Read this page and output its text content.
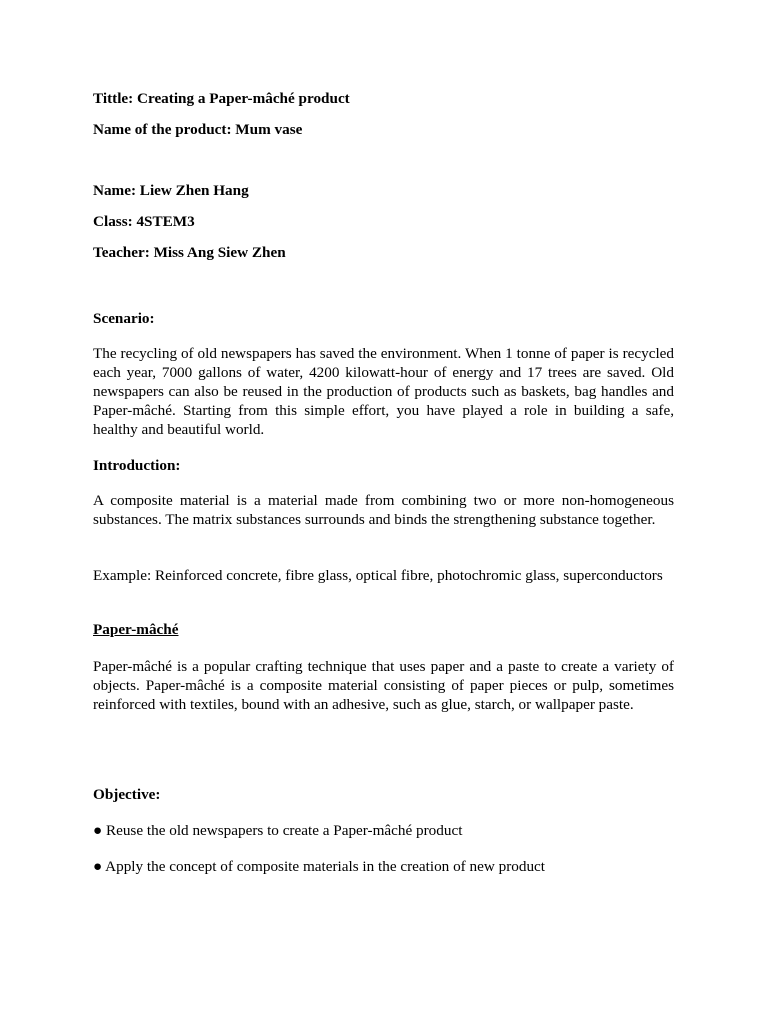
Tittle: Creating a Paper-mâché product

Name of the product: Mum vase

Name: Liew Zhen Hang

Class: 4STEM3

Teacher: Miss Ang Siew Zhen

Scenario:

The recycling of old newspapers has saved the environment. When 1 tonne of paper is recycled each year, 7000 gallons of water, 4200 kilowatt-hour of energy and 17 trees are saved. Old newspapers can also be reused in the production of products such as baskets, bag handles and Paper-mâché. Starting from this simple effort, you have played a role in building a safe, healthy and beautiful world.

Introduction:

A composite material is a material made from combining two or more non-homogeneous substances. The matrix substances surrounds and binds the strengthening substance together.

Example: Reinforced concrete, fibre glass, optical fibre, photochromic glass, superconductors

Paper-mâché

Paper-mâché is a popular crafting technique that uses paper and a paste to create a variety of objects. Paper-mâché is a composite material consisting of paper pieces or pulp, sometimes reinforced with textiles, bound with an adhesive, such as glue, starch, or wallpaper paste.

Objective:

● Reuse the old newspapers to create a Paper-mâché product

● Apply the concept of composite materials in the creation of new product
